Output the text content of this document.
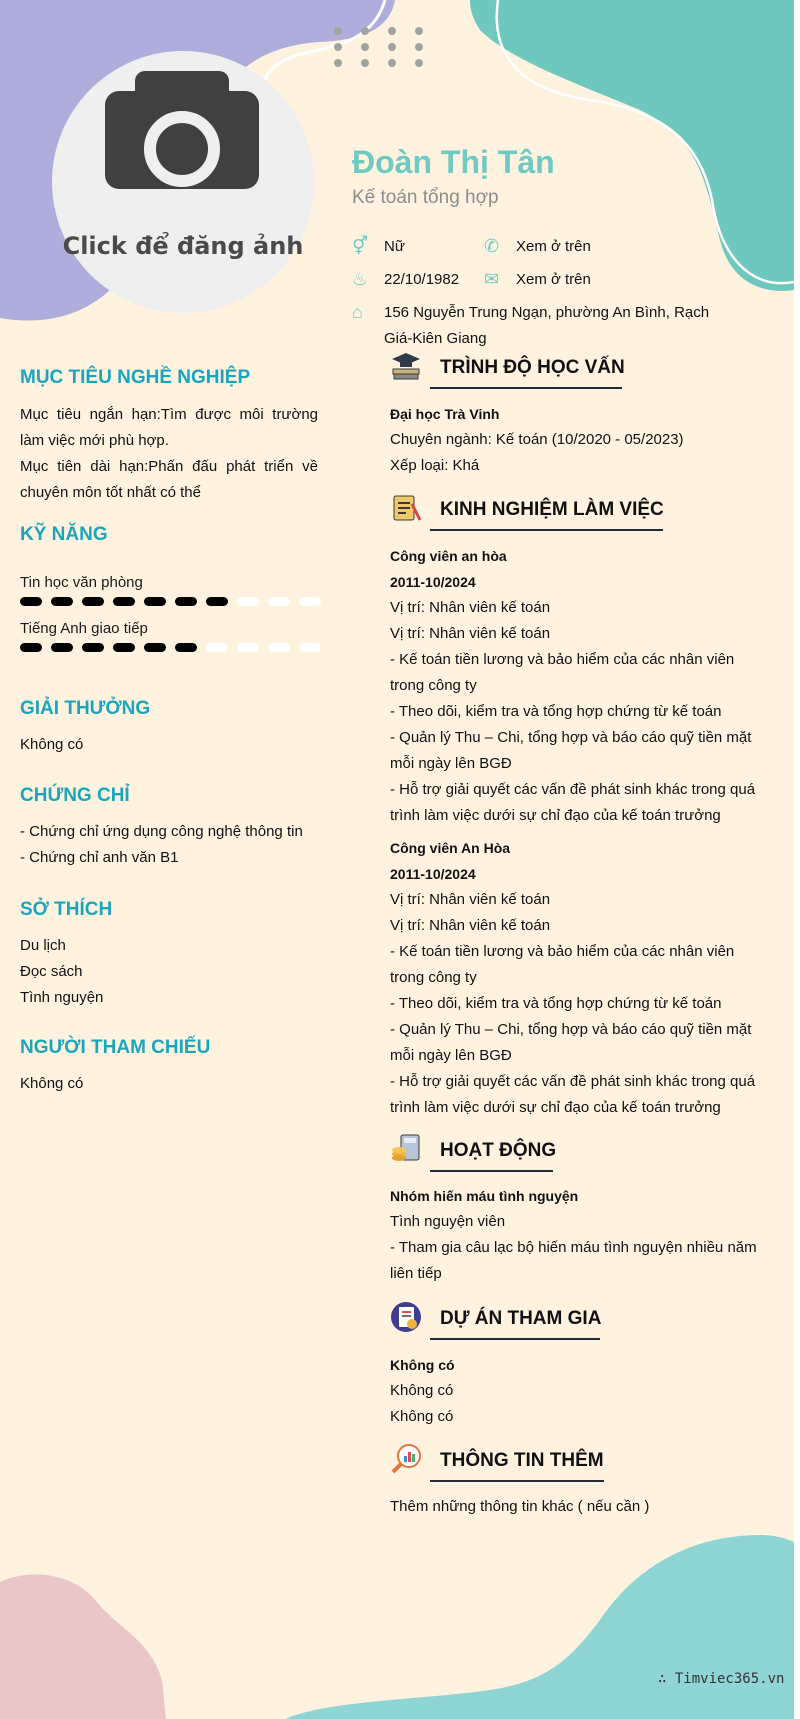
Click để đăng ảnh
Đoàn Thị Tân
Kế toán tổng hợp
⚥ Nữ	✆	Xem ở trên
♨ 22/10/1982 ✉	Xem ở trên
⌂	156 Nguyễn Trung Ngạn, phường An Bình, Rạch
Giá-Kiên Giang
MỤC TIÊU NGHỀ NGHIỆP

Mục tiêu ngắn hạn:Tìm được môi trường làm việc mới phù hợp.

Mục tiên dài hạn:Phấn đấu phát triển về chuyên môn tốt nhất có thể

KỸ NĂNG
Tin học văn phòng
Tiếng Anh giao tiếp
GIẢI THƯỞNG
Không có
CHỨNG CHỈ

- Chứng chỉ ứng dụng công nghệ thông tin

- Chứng chỉ anh văn B1

SỞ THÍCH

Du lịch

Đọc sách

Tình nguyện

NGƯỜI THAM CHIẾU
Không có
TRÌNH ĐỘ HỌC VẤN

Đại học Trà Vinh

Chuyên ngành: Kế toán (10/2020 - 05/2023)

Xếp loại: Khá

KINH NGHIỆM LÀM VIỆC

Công viên an hòa

2011-10/2024

Vị trí: Nhân viên kế toán

Vị trí: Nhân viên kế toán

- Kế toán tiền lương và bảo hiểm của các nhân viên trong công ty

- Theo dõi, kiểm tra và tổng hợp chứng từ kế toán

- Quản lý Thu – Chi, tổng hợp và báo cáo quỹ tiền mặt mỗi ngày lên BGĐ

- Hỗ trợ giải quyết các vấn đề phát sinh khác trong quá trình làm việc dưới sự chỉ đạo của kế toán trưởng

Công viên An Hòa

2011-10/2024

Vị trí: Nhân viên kế toán

Vị trí: Nhân viên kế toán

- Kế toán tiền lương và bảo hiểm của các nhân viên trong công ty

- Theo dõi, kiểm tra và tổng hợp chứng từ kế toán

- Quản lý Thu – Chi, tổng hợp và báo cáo quỹ tiền mặt mỗi ngày lên BGĐ

- Hỗ trợ giải quyết các vấn đề phát sinh khác trong quá trình làm việc dưới sự chỉ đạo của kế toán trưởng

HOẠT ĐỘNG

Nhóm hiến máu tình nguyện

Tình nguyện viên

- Tham gia câu lạc bộ hiến máu tình nguyện nhiều năm liên tiếp

DỰ ÁN THAM GIA

Không có

Không có

Không có

THÔNG TIN THÊM
Thêm những thông tin khác ( nếu cần )
∴ Timviec365.vn
